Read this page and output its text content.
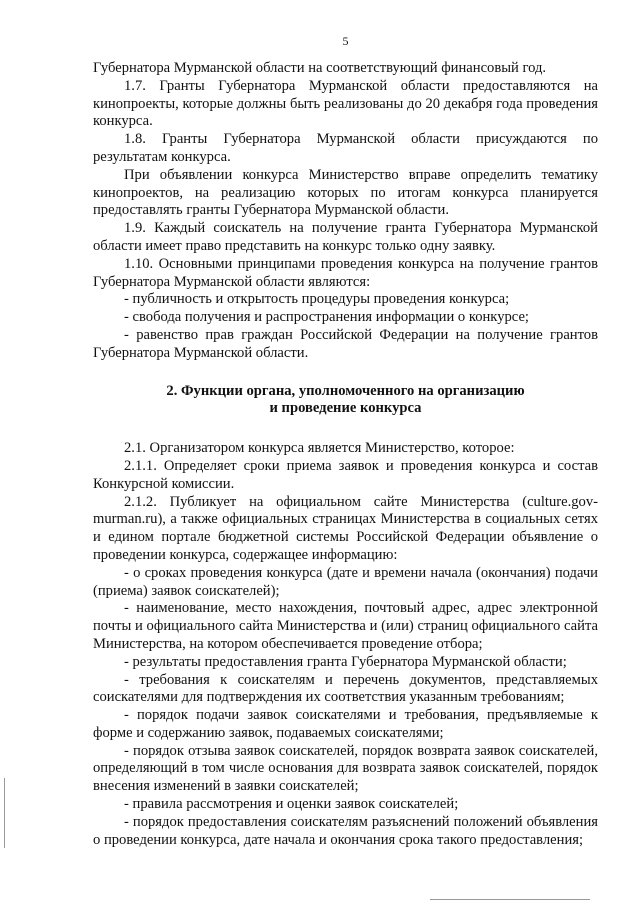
5

Губернатора Мурманской области на соответствующий финансовый год.

1.7. Гранты Губернатора Мурманской области предоставляются на кинопроекты, которые должны быть реализованы до 20 декабря года проведения конкурса.

1.8. Гранты Губернатора Мурманской области присуждаются по результатам конкурса.

При объявлении конкурса Министерство вправе определить тематику кинопроектов, на реализацию которых по итогам конкурса планируется предоставлять гранты Губернатора Мурманской области.

1.9. Каждый соискатель на получение гранта Губернатора Мурманской области имеет право представить на конкурс только одну заявку.

1.10. Основными принципами проведения конкурса на получение грантов Губернатора Мурманской области являются:

- публичность и открытость процедуры проведения конкурса;

- свобода получения и распространения информации о конкурсе;

- равенство прав граждан Российской Федерации на получение грантов Губернатора Мурманской области.

2. Функции органа, уполномоченного на организацию
и проведение конкурса

2.1. Организатором конкурса является Министерство, которое:

2.1.1. Определяет сроки приема заявок и проведения конкурса и состав Конкурсной комиссии.

2.1.2. Публикует на официальном сайте Министерства (culture.gov-murman.ru), а также официальных страницах Министерства в социальных сетях и едином портале бюджетной системы Российской Федерации объявление о проведении конкурса, содержащее информацию:

- о сроках проведения конкурса (дате и времени начала (окончания) подачи (приема) заявок соискателей);

- наименование, место нахождения, почтовый адрес, адрес электронной почты и официального сайта Министерства и (или) страниц официального сайта Министерства, на котором обеспечивается проведение отбора;

- результаты предоставления гранта Губернатора Мурманской области;

- требования к соискателям и перечень документов, представляемых соискателями для подтверждения их соответствия указанным требованиям;

- порядок подачи заявок соискателями и требования, предъявляемые к форме и содержанию заявок, подаваемых соискателями;

- порядок отзыва заявок соискателей, порядок возврата заявок соискателей, определяющий в том числе основания для возврата заявок соискателей, порядок внесения изменений в заявки соискателей;

- правила рассмотрения и оценки заявок соискателей;

- порядок предоставления соискателям разъяснений положений объявления о проведении конкурса, дате начала и окончания срока такого предоставления;
